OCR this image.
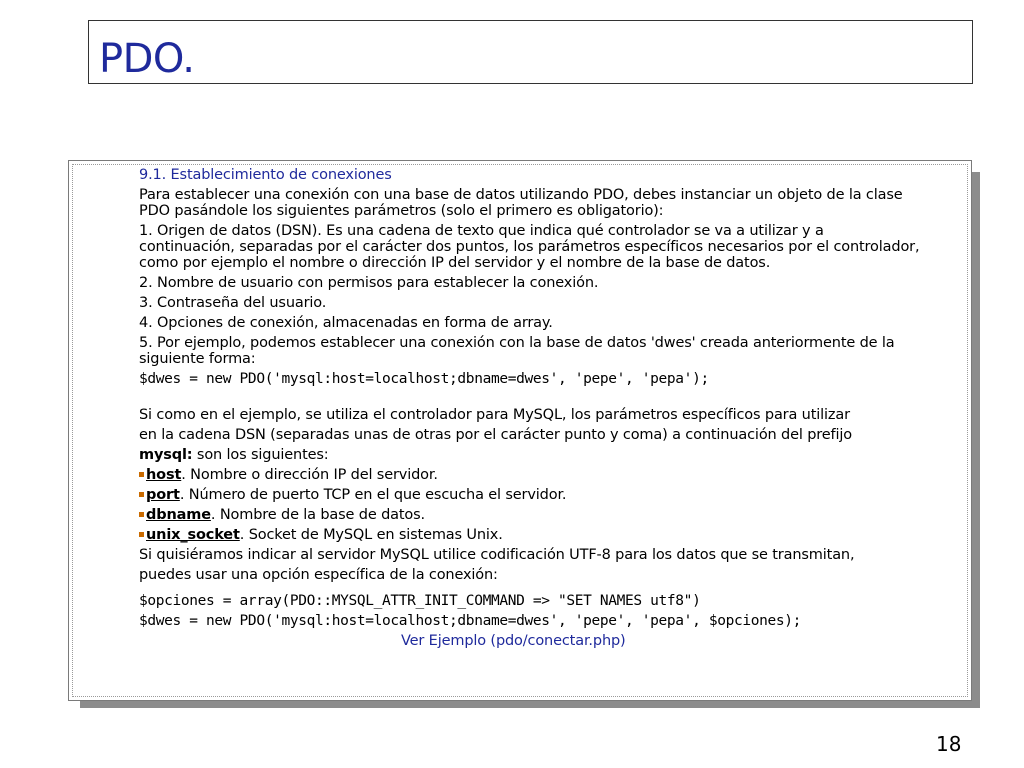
PDO.
9.1. Establecimiento de conexiones
Para establecer una conexión con una base de datos utilizando PDO, debes instanciar un objeto de la clase
PDO pasándole los siguientes parámetros (solo el primero es obligatorio):
1. Origen de datos (DSN). Es una cadena de texto que indica qué controlador se va a utilizar y a
continuación, separadas por el carácter dos puntos, los parámetros específicos necesarios por el controlador,
como por ejemplo el nombre o dirección IP del servidor y el nombre de la base de datos.
2. Nombre de usuario con permisos para establecer la conexión.
3. Contraseña del usuario.
4. Opciones de conexión, almacenadas en forma de array.
5. Por ejemplo, podemos establecer una conexión con la base de datos 'dwes' creada anteriormente de la
siguiente forma:
$dwes = new PDO('mysql:host=localhost;dbname=dwes', 'pepe', 'pepa');
Si como en el ejemplo, se utiliza el controlador para MySQL, los parámetros específicos para utilizar
en la cadena DSN (separadas unas de otras por el carácter punto y coma) a continuación del prefijo
mysql: son los siguientes:
host. Nombre o dirección IP del servidor.
port. Número de puerto TCP en el que escucha el servidor.
dbname. Nombre de la base de datos.
unix_socket. Socket de MySQL en sistemas Unix.
Si quisiéramos indicar al servidor MySQL utilice codificación UTF-8 para los datos que se transmitan,
puedes usar una opción específica de la conexión:
$opciones = array(PDO::MYSQL_ATTR_INIT_COMMAND => "SET NAMES utf8")
$dwes = new PDO('mysql:host=localhost;dbname=dwes', 'pepe', 'pepa', $opciones);
Ver Ejemplo (pdo/conectar.php)
18
